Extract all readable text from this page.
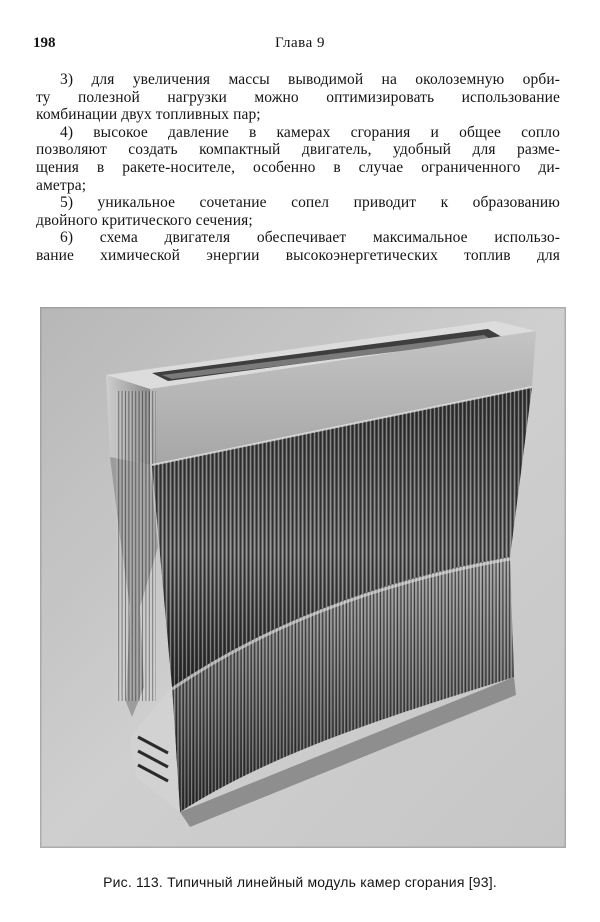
198	Глава 9
3) для увеличения массы выводимой на околоземную орби-
ту полезной нагрузки можно оптимизировать использование
комбинации двух топливных пар;
4) высокое давление в камерах сгорания и общее сопло
позволяют создать компактный двигатель, удобный для разме-
щения в ракете-носителе, особенно в случае ограниченного ди-
аметра;
5) уникальное сочетание сопел приводит к образованию
двойного критического сечения;
6) схема двигателя обеспечивает максимальное использо-
вание химической энергии высокоэнергетических топлив для
Рис. 113. Типичный линейный модуль камер сгорания [93].
